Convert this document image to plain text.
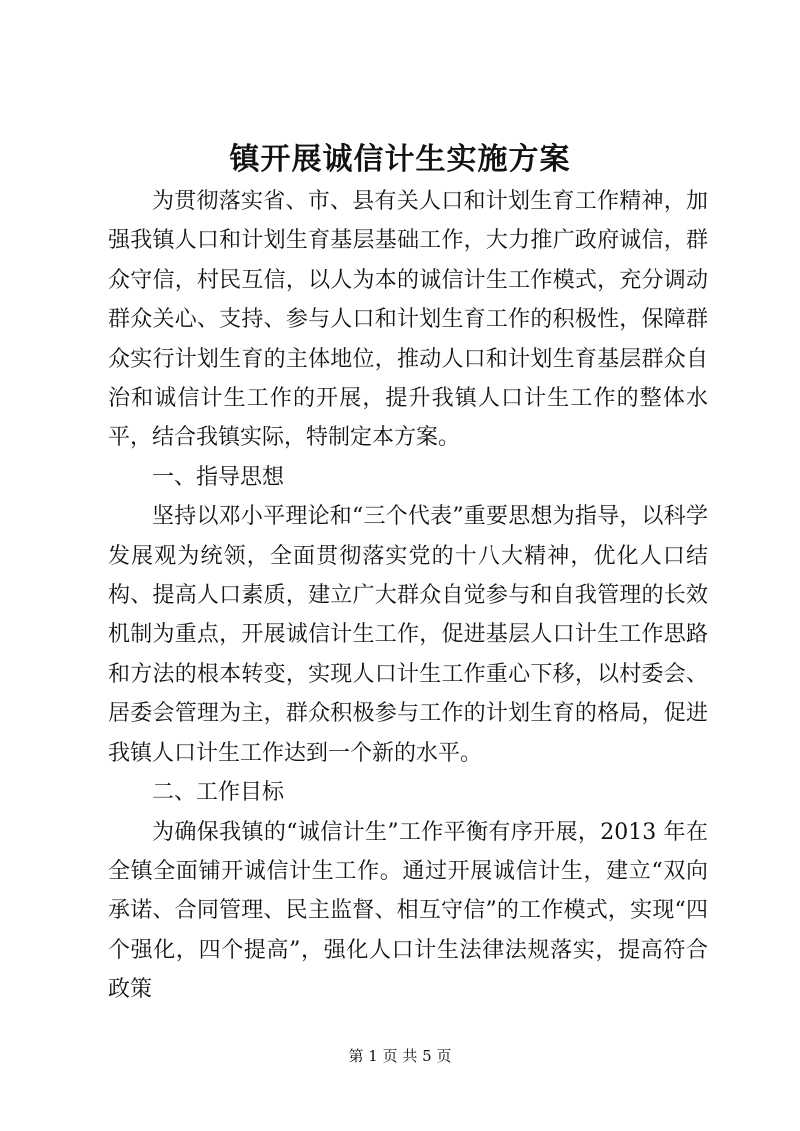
镇开展诚信计生实施方案

为贯彻落实省、市、县有关人口和计划生育工作精神，加强我镇人口和计划生育基层基础工作，大力推广政府诚信，群众守信，村民互信，以人为本的诚信计生工作模式，充分调动群众关心、支持、参与人口和计划生育工作的积极性，保障群众实行计划生育的主体地位，推动人口和计划生育基层群众自治和诚信计生工作的开展，提升我镇人口计生工作的整体水平，结合我镇实际，特制定本方案。

一、指导思想

坚持以邓小平理论和“三个代表”重要思想为指导，以科学发展观为统领，全面贯彻落实党的十八大精神，优化人口结构、提高人口素质，建立广大群众自觉参与和自我管理的长效机制为重点，开展诚信计生工作，促进基层人口计生工作思路和方法的根本转变，实现人口计生工作重心下移，以村委会、居委会管理为主，群众积极参与工作的计划生育的格局，促进我镇人口计生工作达到一个新的水平。

二、工作目标

为确保我镇的“诚信计生”工作平衡有序开展，2013 年在全镇全面铺开诚信计生工作。通过开展诚信计生，建立“双向承诺、合同管理、民主监督、相互守信”的工作模式，实现“四个强化，四个提高”，强化人口计生法律法规落实，提高符合政策

第 1 页 共 5 页
